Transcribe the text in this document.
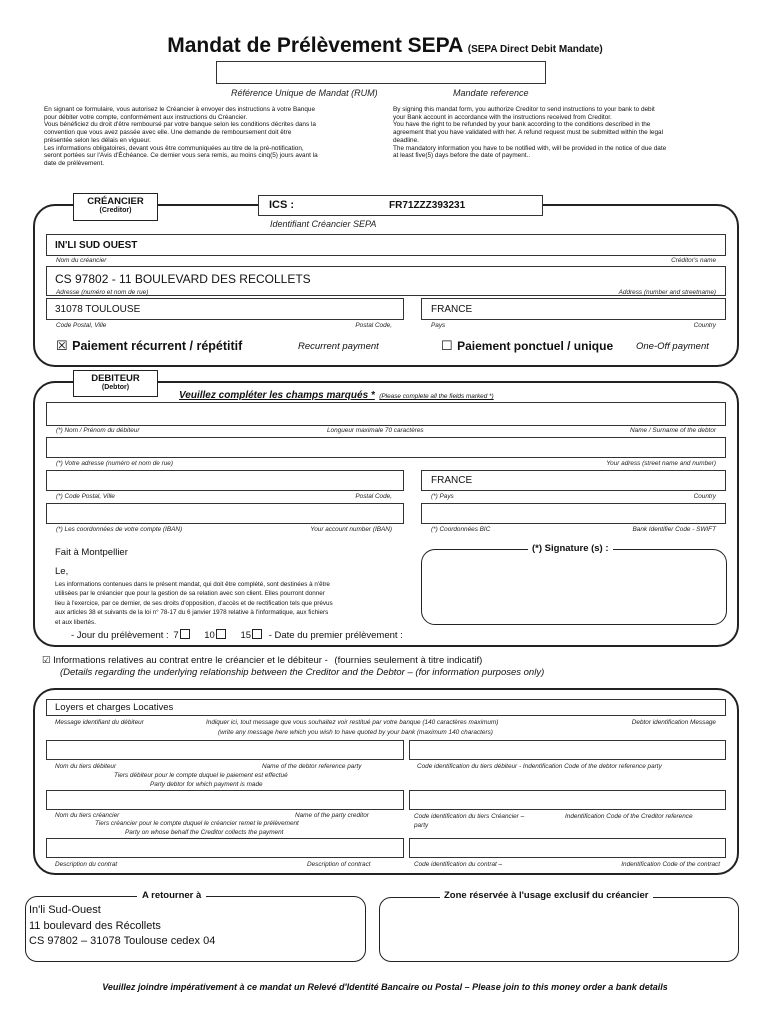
Mandat de Prélèvement SEPA (SEPA Direct Debit Mandate)
Référence Unique de Mandat (RUM)	Mandate reference
En signant ce formulaire, vous autorisez le Créancier à envoyer des instructions à votre Banque
pour débiter votre compte, conformément aux instructions du Créancier.
Vous bénéficiez du droit d'être remboursé par votre banque selon les conditions décrites dans la
convention que vous avez passée avec elle. Une demande de remboursement doit être
présentée selon les délais en vigueur.
Les informations obligatoires, devant vous être communiquées au titre de la pré-notification,
seront portées sur l'Avis d'Échéance. Ce dernier vous sera remis, au moins cinq(5) jours avant la
date de prélèvement.
By signing this mandat form, you authorize Creditor to send instructions to your bank to debit
your Bank account in accordance with the instructions received from Creditor.
You have the right to be refunded by your bank according to the conditions described in the
agreement that you have validated with her. A refund request must be submitted within the legal
deadline.
The mandatory information you have to be notified with, will be provided in the notice of due date
at least five(5) days before the date of payment..
CRÉANCIER
(Creditor)	ICS :	FR71ZZZ393231
Identifiant Créancier SEPA
IN'LI SUD OUEST
Nom du créancier	Créditor's name
CS 97802 - 11 BOULEVARD DES RECOLLETS
Adresse (numéro et nom de rue)	Address (number and streetname)
31078 TOULOUSE	FRANCE
Code Postal, Ville	Postal Code,	Pays	Country
☒ Paiement récurrent / répétitif	Recurrent payment	☐ Paiement ponctuel / unique One-Off payment
DEBITEUR
(Debtor)
Veuillez compléter les champs marqués * (Please complete all the fields marked *)
(*) Nom / Prénom du débiteur	Longueur maximale 70 caractères	Name / Surname of the debtor
(*) Votre adresse (numéro et nom de rue)	Your adress (street name and number)
FRANCE
(*) Code Postal, Ville	Postal Code,	(*) Pays	Country
(*) Les coordonnées de votre compte (IBAN)	Your account number (IBAN)	(*) Coordonnées BIC	Bank Identifier Code - SWIFT
Fait à Montpellier
Le,
Les informations contenues dans le présent mandat, qui doit être complété, sont destinées à n'être
utilisées par le créancier que pour la gestion de sa relation avec son client. Elles pourront donner
lieu à l'exercice, par ce dernier, de ses droits d'opposition, d'accès et de rectification tels que prévus
aux articles 38 et suivants de la loi n° 78-17 du 6 janvier 1978 relative à l'informatique, aux fichiers
et aux libertés.
- Jour du prélèvement : 7	10	15 - Date du premier prélèvement :
(*) Signature (s) :
☑ Informations relatives au contrat entre le créancier et le débiteur - (fournies seulement à titre indicatif)
(Details regarding the underlying relationship between the Creditor and the Debtor – (for information purposes only)
Loyers et charges Locatives
Message identifiant du débiteur	Indiquer ici, tout message que vous souhaitez voir restitué par votre banque (140 caractères maximum)	Debtor identification Message
(write any message here which you wish to have quoted by your bank (maximum 140 characters)
Nom du tiers débiteur	Name of the debtor reference party	Code identification du tiers débiteur - Indentification Code of the debtor reference party
Tiers débiteur pour le compte duquel le paiement est effectué
Party debtor for which payment is made
Nom du tiers créancier	Name of the party creditor	Code identification du tiers Créancier –
party
Indentification Code of the Creditor reference
Tiers créancier pour le compte duquel le créancier remet le prélèvement
Party on whose behalf the Creditor collects the payment
Description du contrat	Description of contract	Code identification du contrat –	Indentification Code of the contract
A retourner à
In'li Sud-Ouest
11 boulevard des Récollets
CS 97802 – 31078 Toulouse cedex 04
Zone réservée à l'usage exclusif du créancier
Veuillez joindre impérativement à ce mandat un Relevé d'Identité Bancaire ou Postal – Please join to this money order a bank details
